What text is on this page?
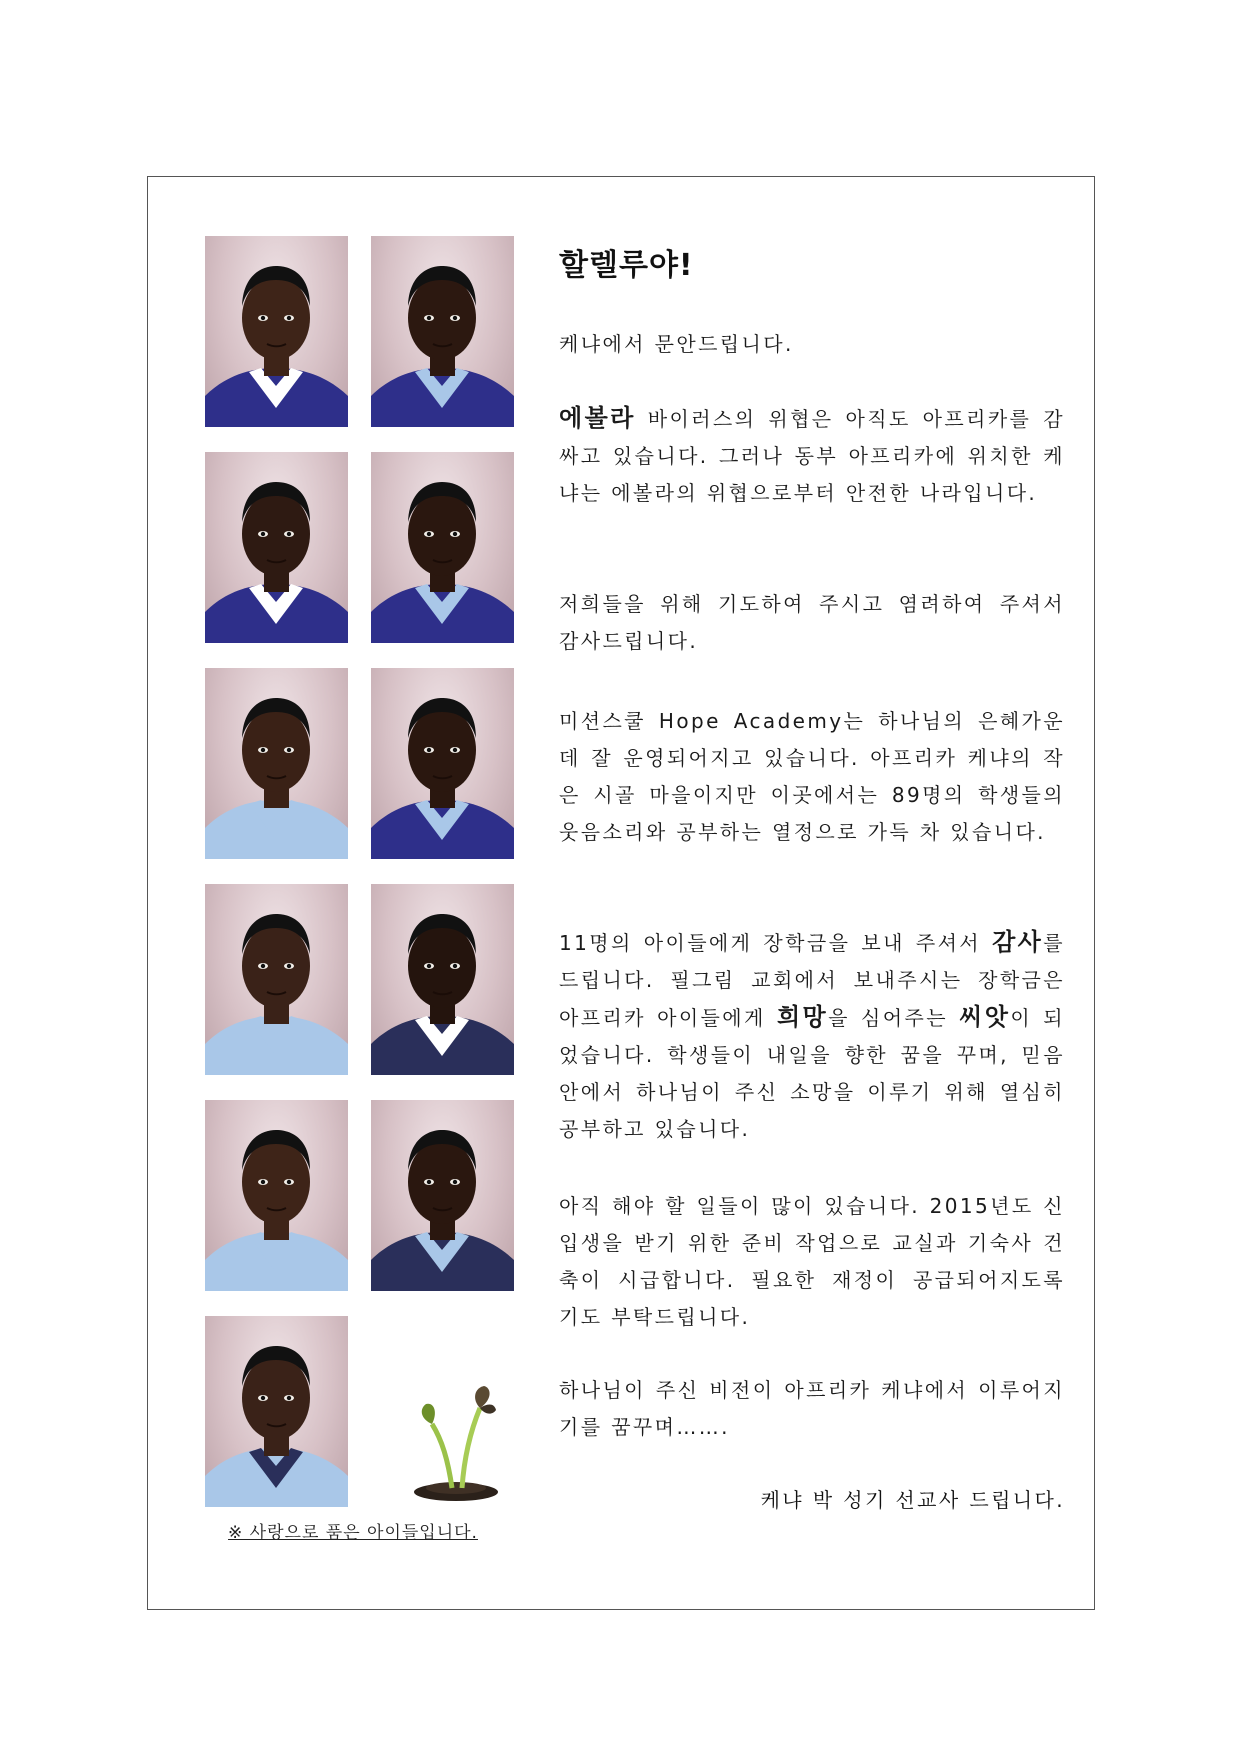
※ 사랑으로 품은 아이들입니다.
할렐루야!

케냐에서 문안드립니다.

에볼라 바이러스의 위협은 아직도 아프리카를 감싸고 있습니다. 그러나 동부 아프리카에 위치한 케냐는 에볼라의 위협으로부터 안전한 나라입니다.

저희들을 위해 기도하여 주시고 염려하여 주셔서 감사드립니다.

미션스쿨 Hope Academy는 하나님의 은혜가운데 잘 운영되어지고 있습니다. 아프리카 케냐의 작은 시골 마을이지만 이곳에서는 89명의 학생들의 웃음소리와 공부하는 열정으로 가득 차 있습니다.

11명의 아이들에게 장학금을 보내 주셔서 감사를 드립니다. 필그림 교회에서 보내주시는 장학금은 아프리카 아이들에게 희망을 심어주는 씨앗이 되었습니다. 학생들이 내일을 향한 꿈을 꾸며, 믿음 안에서 하나님이 주신 소망을 이루기 위해 열심히 공부하고 있습니다.

아직 해야 할 일들이 많이 있습니다. 2015년도 신입생을 받기 위한 준비 작업으로 교실과 기숙사 건축이 시급합니다. 필요한 재정이 공급되어지도록 기도 부탁드립니다.

하나님이 주신 비전이 아프리카 케냐에서 이루어지기를 꿈꾸며…….

케냐 박 성기 선교사 드립니다.
